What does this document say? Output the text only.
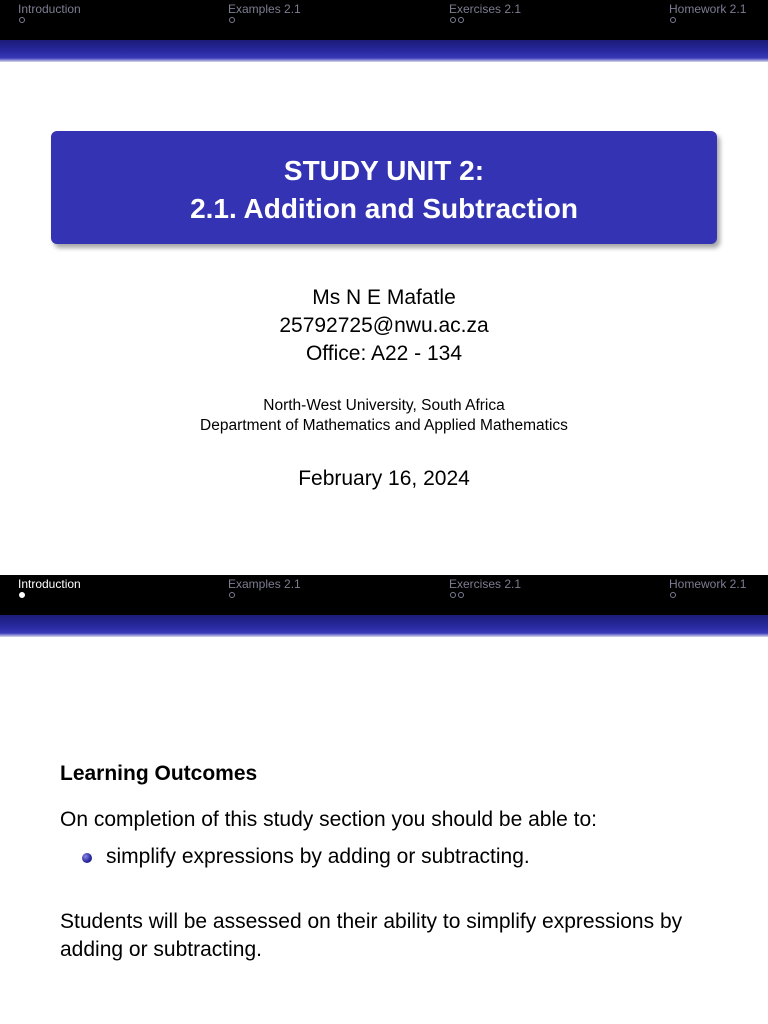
Introduction	Examples 2.1	Exercises 2.1	Homework 2.1
STUDY UNIT 2:
2.1. Addition and Subtraction
Ms N E Mafatle
25792725@nwu.ac.za
Office: A22 - 134
North-West University, South Africa
Department of Mathematics and Applied Mathematics
February 16, 2024
Introduction	Examples 2.1	Exercises 2.1	Homework 2.1
Learning Outcomes
On completion of this study section you should be able to:
simplify expressions by adding or subtracting.
Students will be assessed on their ability to simplify expressions by adding or subtracting.
